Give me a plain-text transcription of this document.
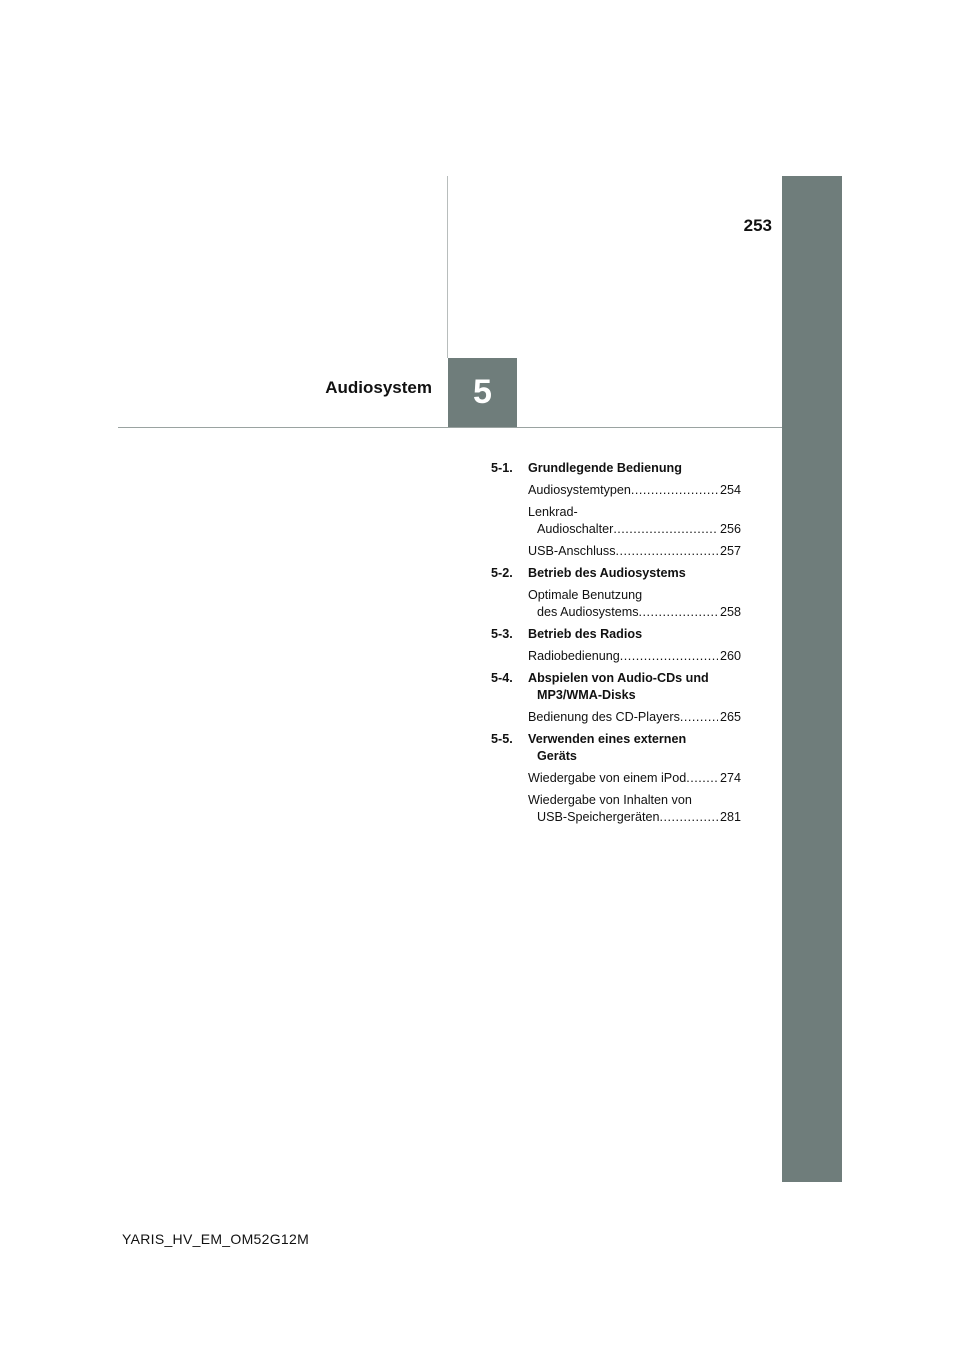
5
253
Audiosystem
5-1. Grundlegende Bedienung
Audiosystemtypen .....	254
Lenkrad-
Audioschalter .....	256
USB-Anschluss .....	257
5-2. Betrieb des Audiosystems
Optimale Benutzung
des Audiosystems .....	258
5-3. Betrieb des Radios
Radiobedienung .....	260
5-4. Abspielen von Audio-CDs und
MP3/WMA-Disks
Bedienung des CD-Players .....	265
5-5. Verwenden eines externen
Geräts
Wiedergabe von einem iPod .....	274
Wiedergabe von Inhalten von
USB-Speichergeräten .....	281
YARIS_HV_EM_OM52G12M
